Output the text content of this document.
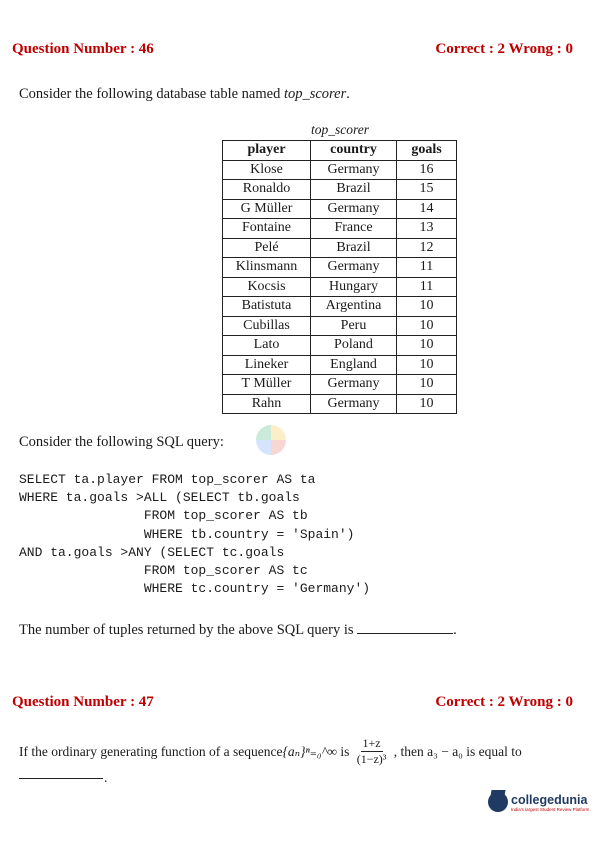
Question Number : 46	Correct : 2 Wrong : 0
Consider the following database table named top_scorer.
top_scorer
player	country	goals
Klose	Germany	16
Ronaldo	Brazil	15
G Müller	Germany	14
Fontaine	France	13
Pelé	Brazil	12
Klinsmann	Germany	11
Kocsis	Hungary	11
Batistuta	Argentina	10
Cubillas	Peru	10
Lato	Poland	10
Lineker	England	10
T Müller	Germany	10
Rahn	Germany	10
Consider the following SQL query:
SELECT ta.player FROM top_scorer AS ta
WHERE ta.goals >ALL (SELECT tb.goals
FROM top_scorer AS tb
WHERE tb.country = 'Spain')
AND ta.goals >ANY (SELECT tc.goals
FROM top_scorer AS tc
WHERE tc.country = 'Germany')
The number of tuples returned by the above SQL query is	.
Question Number : 47	Correct : 2 Wrong : 0
If the ordinary generating function of a sequence {aₙ}ⁿ₌₀^∞ is $\frac{1+z}{\text{(1−z)³}}$ , then a₃ − a₀ is equal to
.
collegedunia
India's largest Student Review Platform
